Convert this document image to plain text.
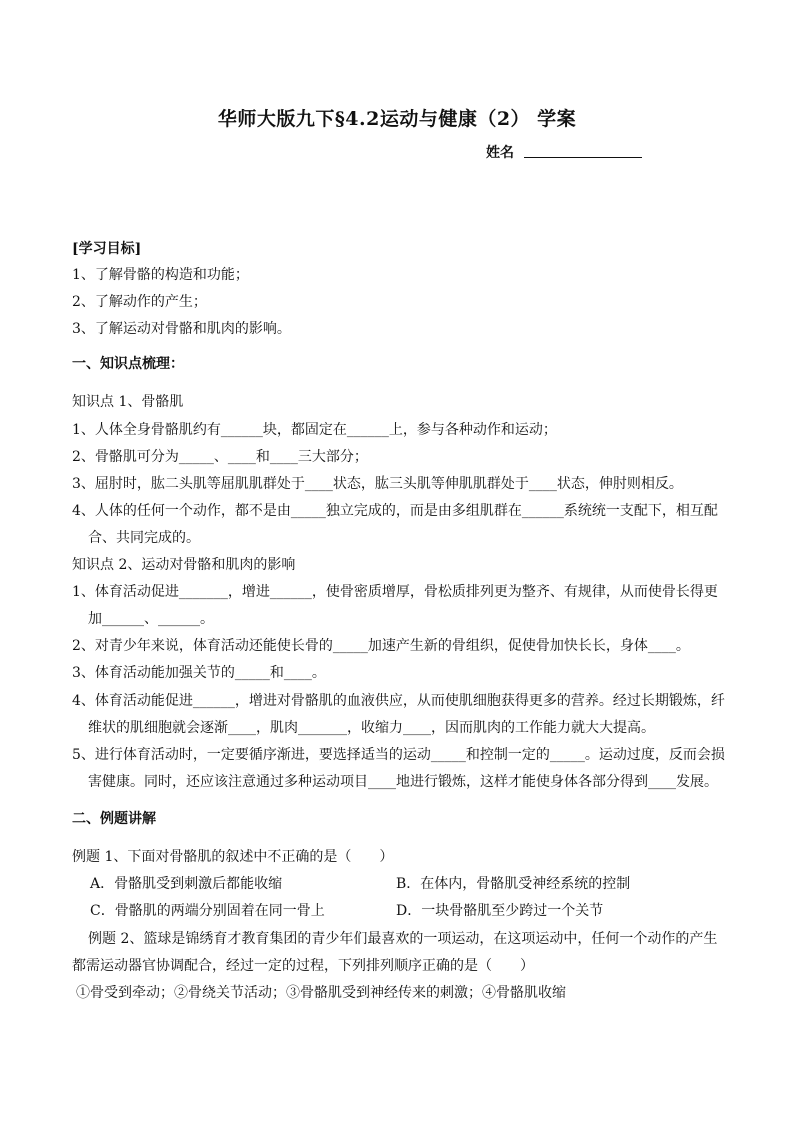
华师大版九下§4.2运动与健康（2） 学案
姓名
[学习目标]
1、了解骨骼的构造和功能；
2、了解动作的产生；
3、了解运动对骨骼和肌肉的影响。
一、知识点梳理：
知识点 1、骨骼肌
1、人体全身骨骼肌约有______块，都固定在______上，参与各种动作和运动；
2、骨骼肌可分为_____、____和____三大部分；
3、屈肘时，肱二头肌等屈肌肌群处于____状态，肱三头肌等伸肌肌群处于____状态，伸肘则相反。
4、人体的任何一个动作，都不是由_____独立完成的，而是由多组肌群在______系统统一支配下，相互配
合、共同完成的。
知识点 2、运动对骨骼和肌肉的影响
1、体育活动促进_______，增进______，使骨密质增厚，骨松质排列更为整齐、有规律，从而使骨长得更
加______、______。
2、对青少年来说，体育活动还能使长骨的_____加速产生新的骨组织，促使骨加快长长，身体____。
3、体育活动能加强关节的_____和____。
4、体育活动能促进______，增进对骨骼肌的血液供应，从而使肌细胞获得更多的营养。经过长期锻炼，纤
维状的肌细胞就会逐渐____，肌肉_______，收缩力____，因而肌肉的工作能力就大大提高。
5、进行体育活动时，一定要循序渐进，要选择适当的运动_____和控制一定的_____。运动过度，反而会损
害健康。同时，还应该注意通过多种运动项目____地进行锻炼，这样才能使身体各部分得到____发展。
二、例题讲解
例题 1、下面对骨骼肌的叙述中不正确的是（　　）
A．骨骼肌受到刺激后都能收缩	B．在体内，骨骼肌受神经系统的控制
C．骨骼肌的两端分别固着在同一骨上	D．一块骨骼肌至少跨过一个关节
例题 2、篮球是锦绣育才教育集团的青少年们最喜欢的一项运动，在这项运动中，任何一个动作的产生
都需运动器官协调配合，经过一定的过程，下列排列顺序正确的是（　　）
①骨受到牵动；②骨绕关节活动；③骨骼肌受到神经传来的刺激；④骨骼肌收缩
